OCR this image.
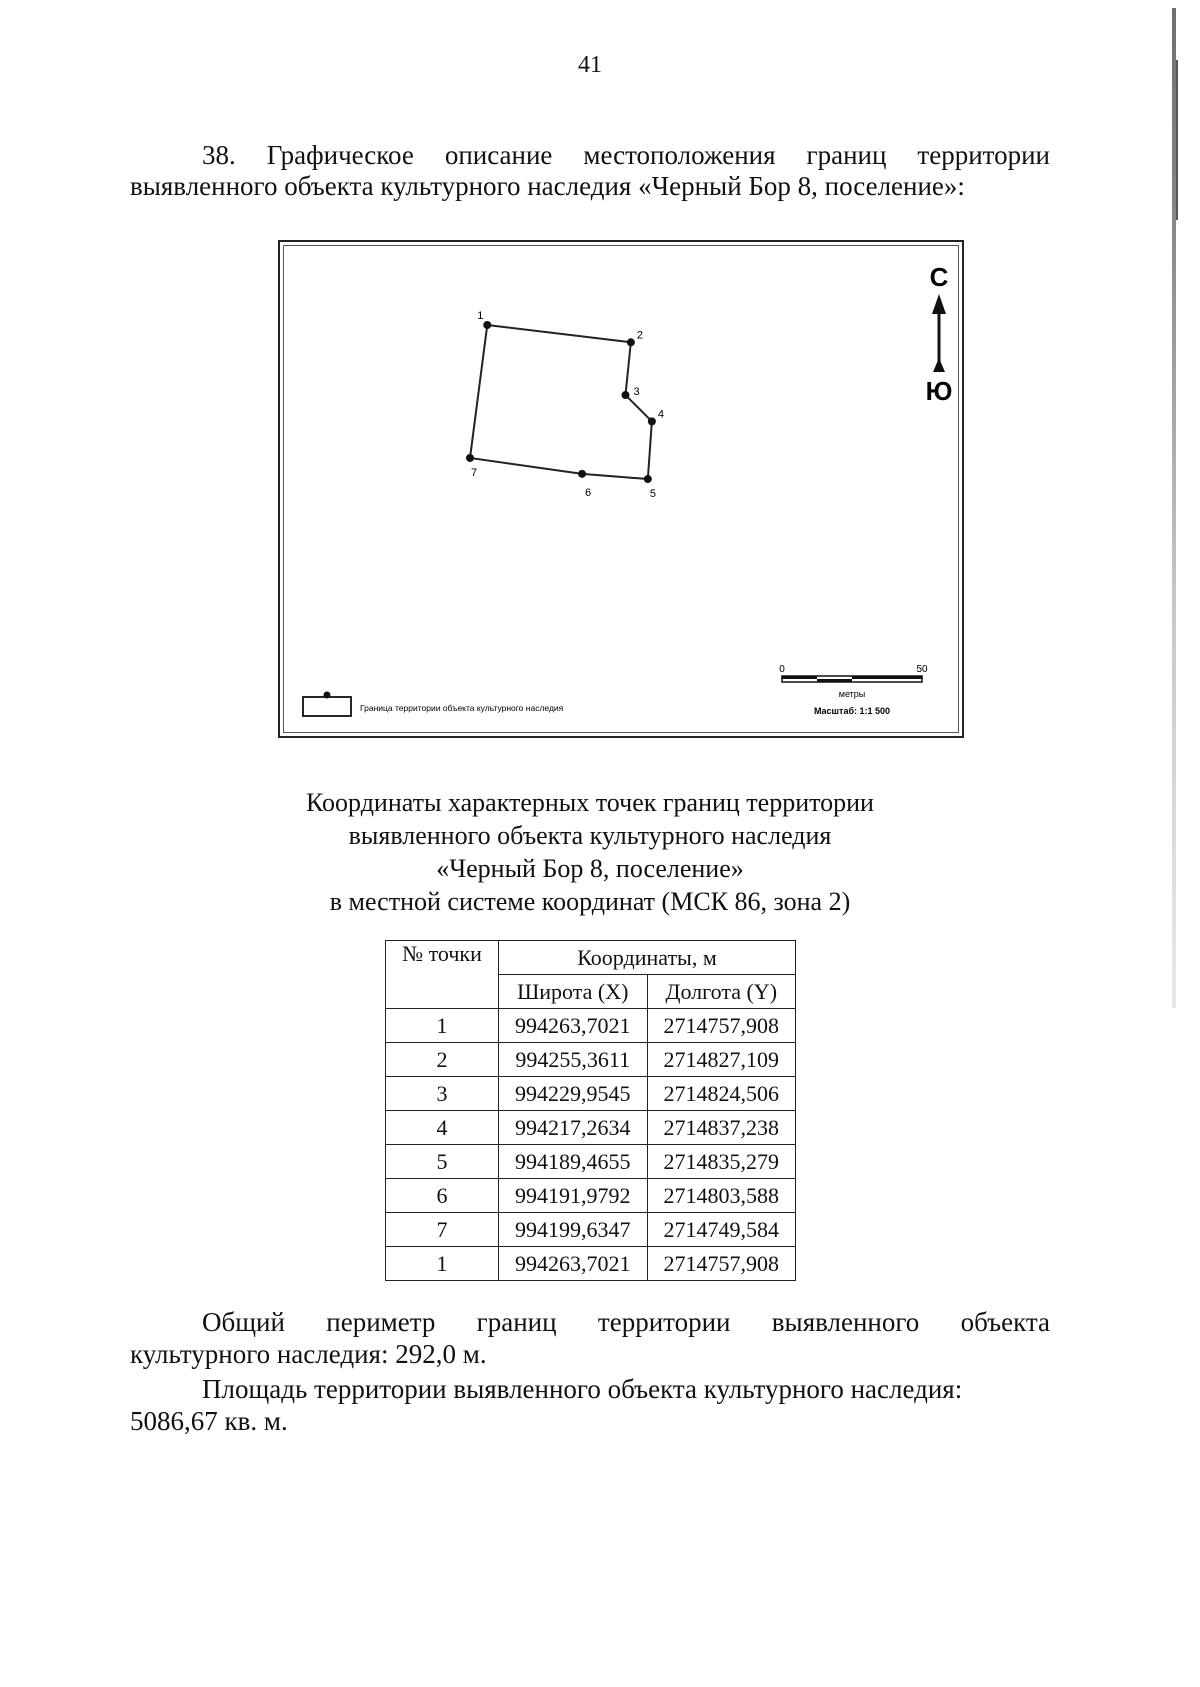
41
38. Графическое описание местоположения границ территории выявленного объекта культурного наследия «Черный Бор 8, поселение»:
1
2
3
4
5
6
7
С
Ю
0	50
метры
Масштаб: 1:1 500
Граница территории объекта культурного наследия
Координаты характерных точек границ территории
выявленного объекта культурного наследия
«Черный Бор 8, поселение»
в местной системе координат (МСК 86, зона 2)
№ точки	Координаты, м	
	Широта (X)	Долгота (Y)
1	994263,7021	2714757,908
2	994255,3611	2714827,109
3	994229,9545	2714824,506
4	994217,2634	2714837,238
5	994189,4655	2714835,279
6	994191,9792	2714803,588
7	994199,6347	2714749,584
1	994263,7021	2714757,908
Общий периметр границ территории выявленного объекта
культурного наследия: 292,0 м.
Площадь территории выявленного объекта культурного наследия:
5086,67 кв. м.
